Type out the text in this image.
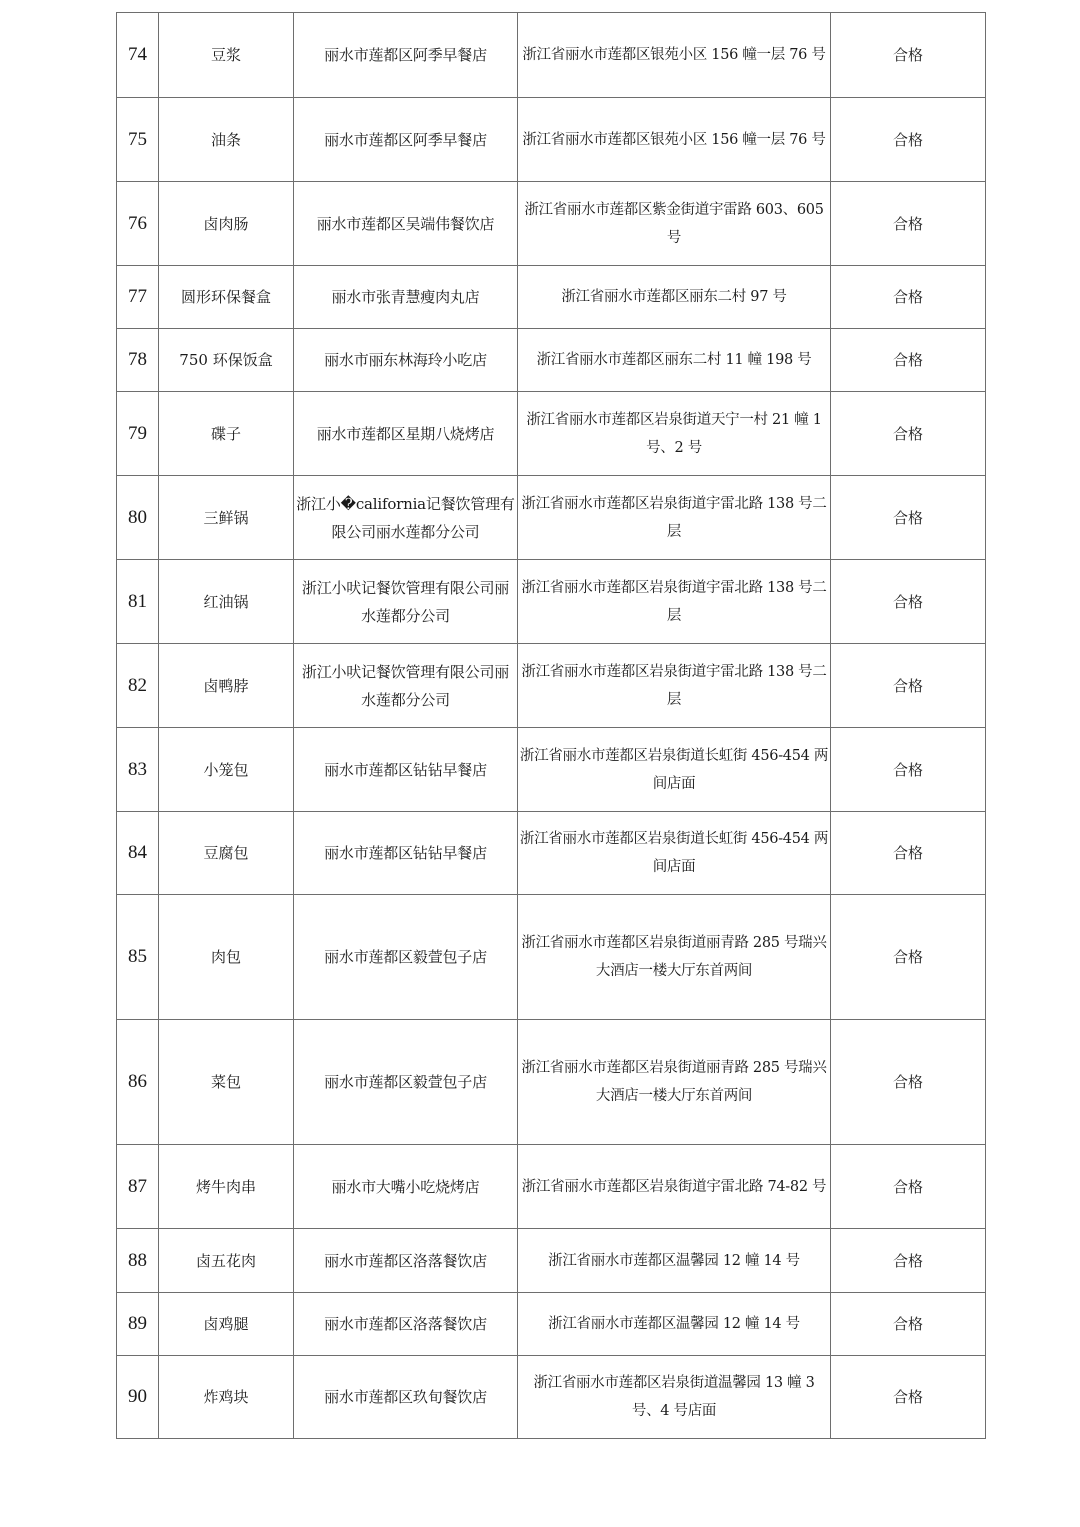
74	豆浆	丽水市莲都区阿季早餐店	浙江省丽水市莲都区银苑小区 156 幢一层 76 号	合格
75	油条	丽水市莲都区阿季早餐店	浙江省丽水市莲都区银苑小区 156 幢一层 76 号	合格
76	卤肉肠	丽水市莲都区吴端伟餐饮店	浙江省丽水市莲都区紫金街道宇雷路 603、605 号	合格
77	圆形环保餐盒	丽水市张青慧瘦肉丸店	浙江省丽水市莲都区丽东二村 97 号	合格
78	750 环保饭盒	丽水市丽东林海玲小吃店	浙江省丽水市莲都区丽东二村 11 幢 198 号	合格
79	碟子	丽水市莲都区星期八烧烤店	浙江省丽水市莲都区岩泉街道天宁一村 21 幢 1 号、2 号	合格
80	三鲜锅	浙江小�california记餐饮管理有限公司丽水莲都分公司	浙江省丽水市莲都区岩泉街道宇雷北路 138 号二层	合格
81	红油锅	浙江小吠记餐饮管理有限公司丽水莲都分公司	浙江省丽水市莲都区岩泉街道宇雷北路 138 号二层	合格
82	卤鸭脖	浙江小吠记餐饮管理有限公司丽水莲都分公司	浙江省丽水市莲都区岩泉街道宇雷北路 138 号二层	合格
83	小笼包	丽水市莲都区钻钻早餐店	浙江省丽水市莲都区岩泉街道长虹街 456-454 两间店面	合格
84	豆腐包	丽水市莲都区钻钻早餐店	浙江省丽水市莲都区岩泉街道长虹街 456-454 两间店面	合格
85	肉包	丽水市莲都区毅萱包子店	浙江省丽水市莲都区岩泉街道丽青路 285 号瑞兴大酒店一楼大厅东首两间	合格
86	菜包	丽水市莲都区毅萱包子店	浙江省丽水市莲都区岩泉街道丽青路 285 号瑞兴大酒店一楼大厅东首两间	合格
87	烤牛肉串	丽水市大嘴小吃烧烤店	浙江省丽水市莲都区岩泉街道宇雷北路 74-82 号	合格
88	卤五花肉	丽水市莲都区洛落餐饮店	浙江省丽水市莲都区温馨园 12 幢 14 号	合格
89	卤鸡腿	丽水市莲都区洛落餐饮店	浙江省丽水市莲都区温馨园 12 幢 14 号	合格
90	炸鸡块	丽水市莲都区玖旬餐饮店	浙江省丽水市莲都区岩泉街道温馨园 13 幢 3 号、4 号店面	合格
